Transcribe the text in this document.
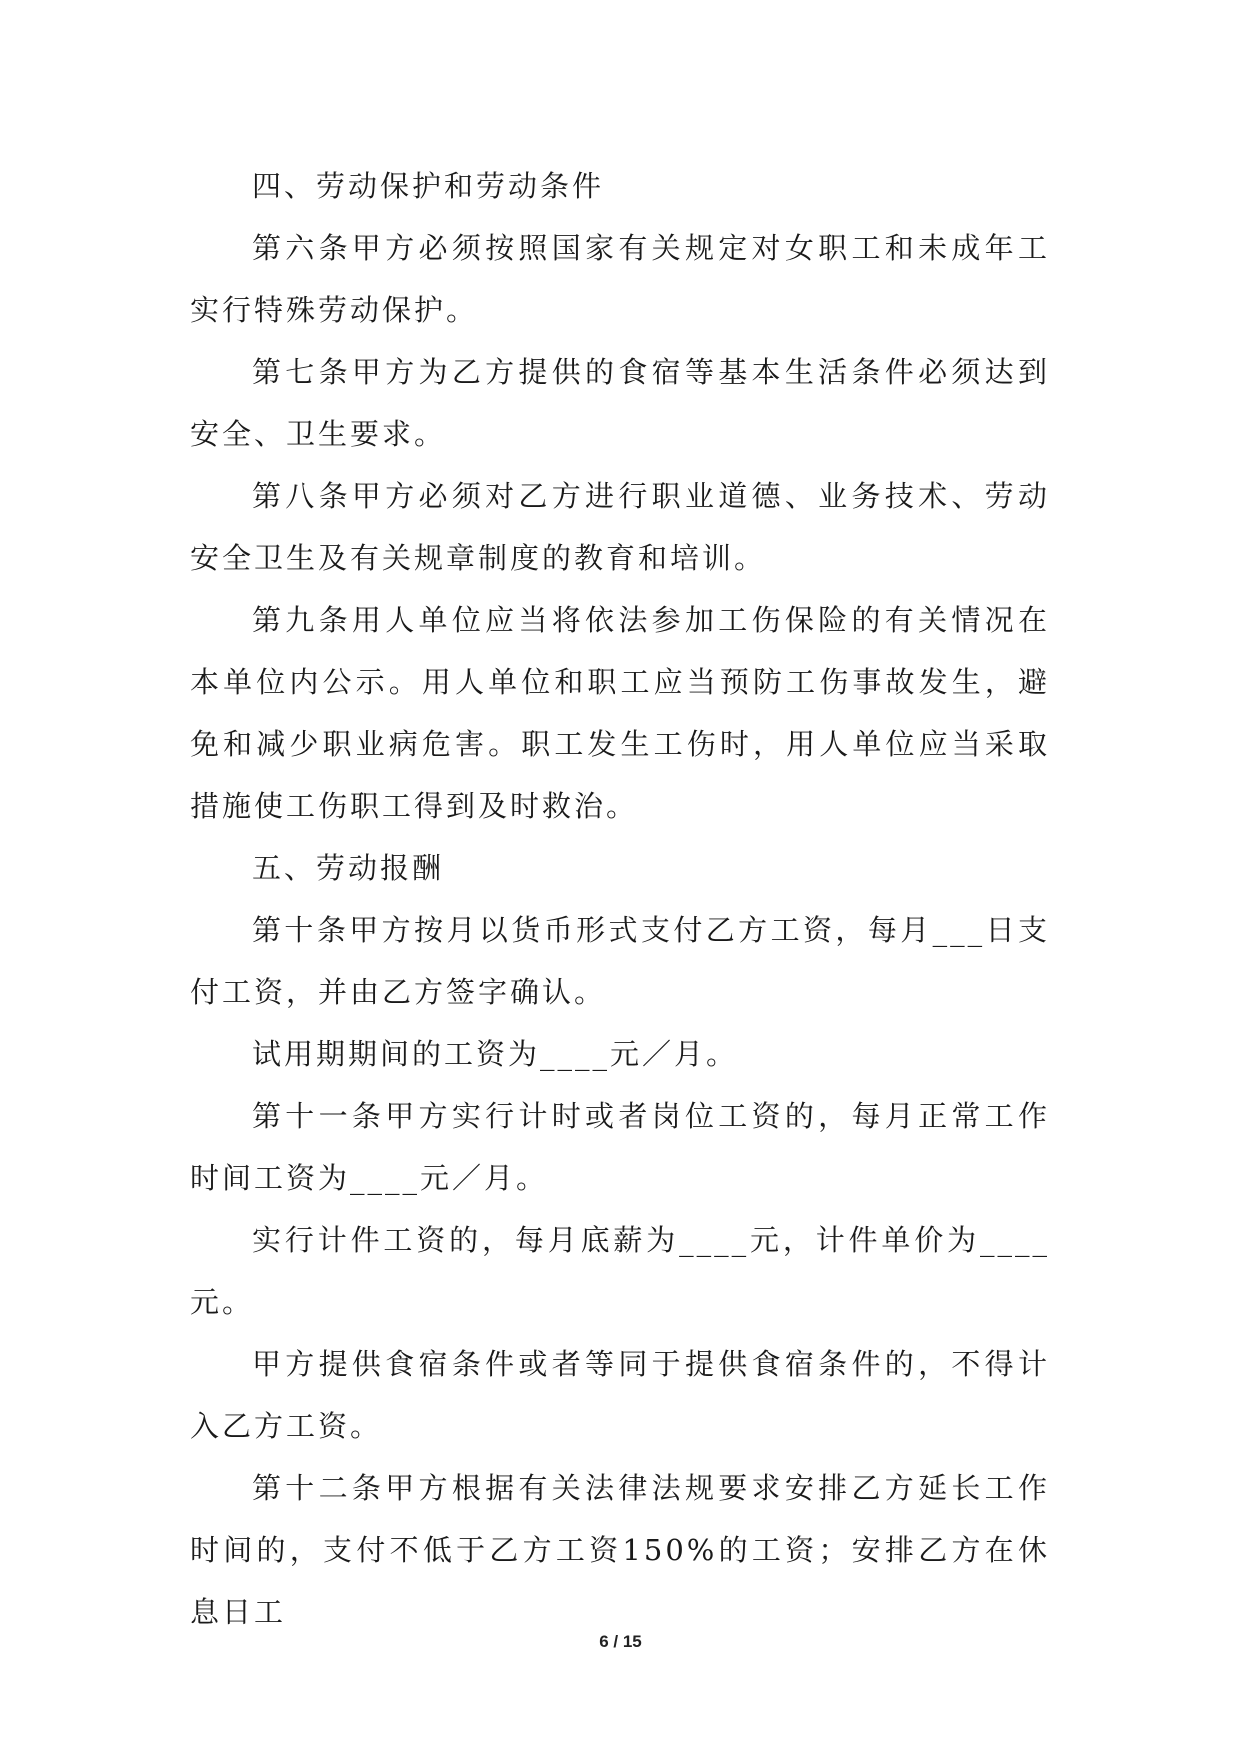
四、劳动保护和劳动条件

第六条甲方必须按照国家有关规定对女职工和未成年工实行特殊劳动保护。

第七条甲方为乙方提供的食宿等基本生活条件必须达到安全、卫生要求。

第八条甲方必须对乙方进行职业道德、业务技术、劳动安全卫生及有关规章制度的教育和培训。

第九条用人单位应当将依法参加工伤保险的有关情况在本单位内公示。用人单位和职工应当预防工伤事故发生，避免和减少职业病危害。职工发生工伤时，用人单位应当采取措施使工伤职工得到及时救治。

五、劳动报酬

第十条甲方按月以货币形式支付乙方工资，每月___日支付工资，并由乙方签字确认。

试用期期间的工资为____元／月。

第十一条甲方实行计时或者岗位工资的，每月正常工作时间工资为____元／月。

实行计件工资的，每月底薪为____元，计件单价为____元。

甲方提供食宿条件或者等同于提供食宿条件的，不得计入乙方工资。

第十二条甲方根据有关法律法规要求安排乙方延长工作时间的，支付不低于乙方工资150%的工资；安排乙方在休息日工

6 / 15
